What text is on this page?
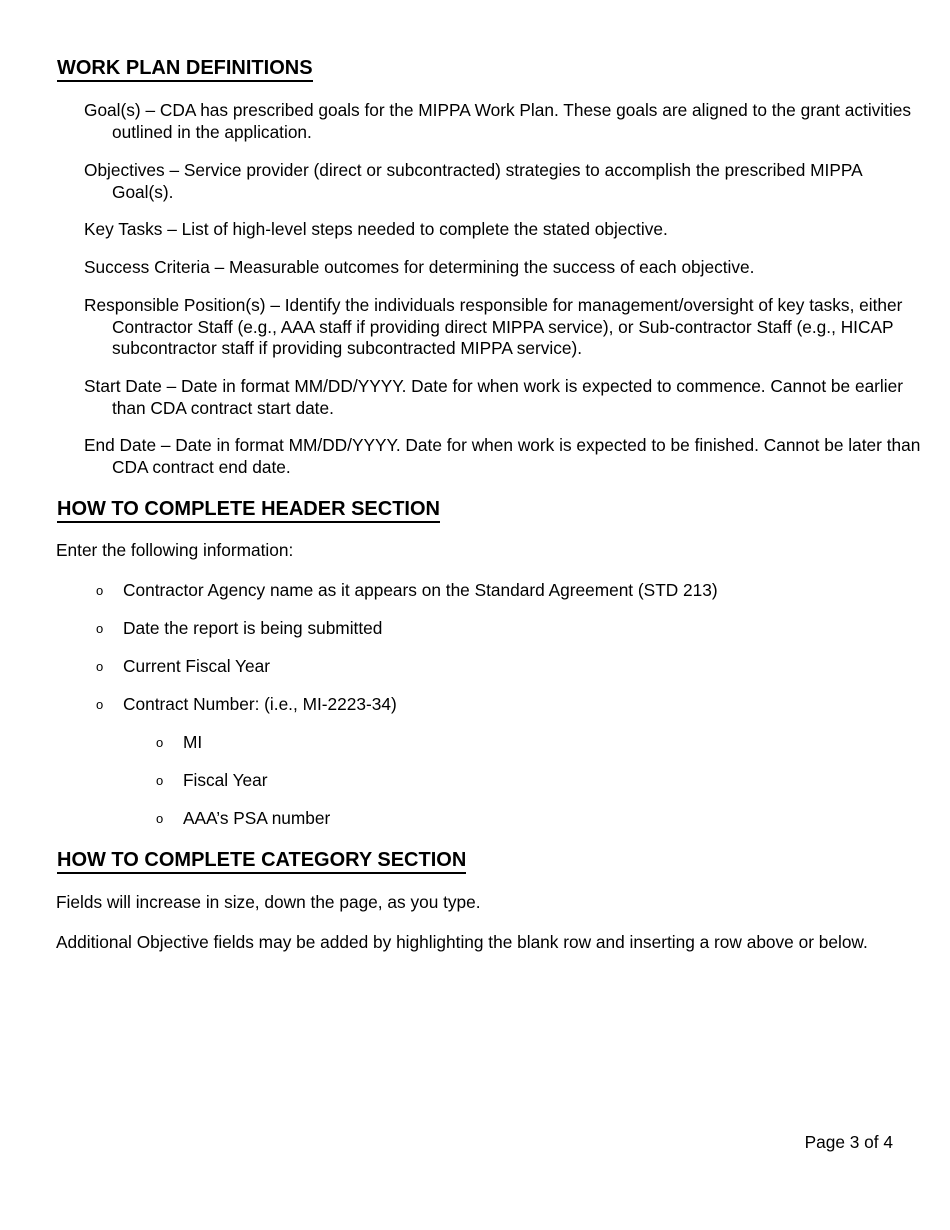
WORK PLAN DEFINITIONS

Goal(s) – CDA has prescribed goals for the MIPPA Work Plan. These goals are aligned to the grant activities outlined in the application.

Objectives – Service provider (direct or subcontracted) strategies to accomplish the prescribed MIPPA Goal(s).

Key Tasks – List of high-level steps needed to complete the stated objective.

Success Criteria – Measurable outcomes for determining the success of each objective.

Responsible Position(s) – Identify the individuals responsible for management/oversight of key tasks, either Contractor Staff (e.g., AAA staff if providing direct MIPPA service), or Sub-contractor Staff (e.g., HICAP subcontractor staff if providing subcontracted MIPPA service).

Start Date – Date in format MM/DD/YYYY. Date for when work is expected to commence. Cannot be earlier than CDA contract start date.

End Date – Date in format MM/DD/YYYY. Date for when work is expected to be finished. Cannot be later than CDA contract end date.

HOW TO COMPLETE HEADER SECTION

Enter the following information:

o Contractor Agency name as it appears on the Standard Agreement (STD 213)

o Date the report is being submitted

o Current Fiscal Year

o Contract Number: (i.e., MI-2223-34)

o MI

o Fiscal Year

o AAA’s PSA number

HOW TO COMPLETE CATEGORY SECTION

Fields will increase in size, down the page, as you type.

Additional Objective fields may be added by highlighting the blank row and inserting a row above or below.

Page 3 of 4
